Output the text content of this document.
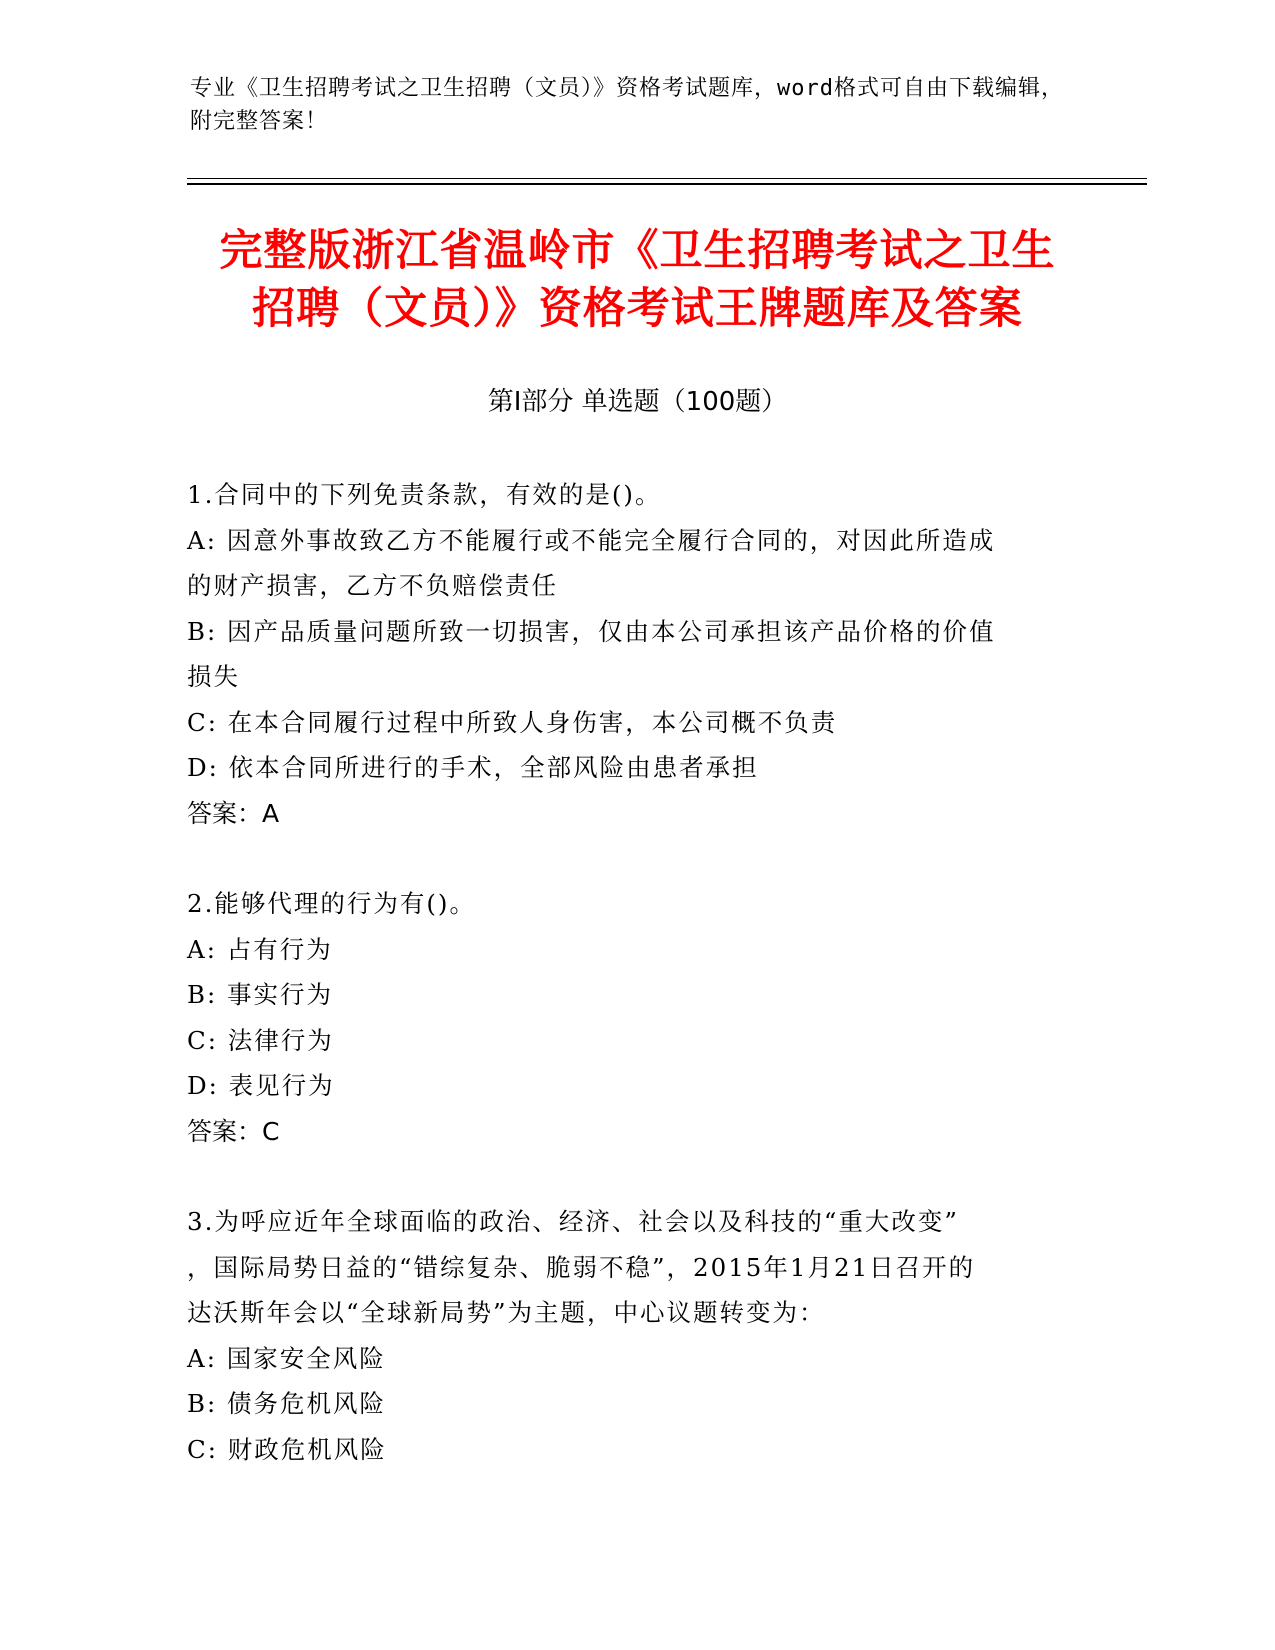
专业《卫生招聘考试之卫生招聘（文员）》资格考试题库，word格式可自由下载编辑，附完整答案！
完整版浙江省温岭市《卫生招聘考试之卫生
招聘（文员）》资格考试王牌题库及答案
第Ⅰ部分 单选题（100题）
1.合同中的下列免责条款，有效的是()。
A: 因意外事故致乙方不能履行或不能完全履行合同的，对因此所造成
的财产损害，乙方不负赔偿责任
B: 因产品质量问题所致一切损害，仅由本公司承担该产品价格的价值
损失
C: 在本合同履行过程中所致人身伤害，本公司概不负责
D: 依本合同所进行的手术，全部风险由患者承担
答案：A
2.能够代理的行为有()。
A: 占有行为
B: 事实行为
C: 法律行为
D: 表见行为
答案：C
3.为呼应近年全球面临的政治、经济、社会以及科技的“重大改变”
，国际局势日益的“错综复杂、脆弱不稳”，2015年1月21日召开的
达沃斯年会以“全球新局势”为主题，中心议题转变为：
A: 国家安全风险
B: 债务危机风险
C: 财政危机风险
